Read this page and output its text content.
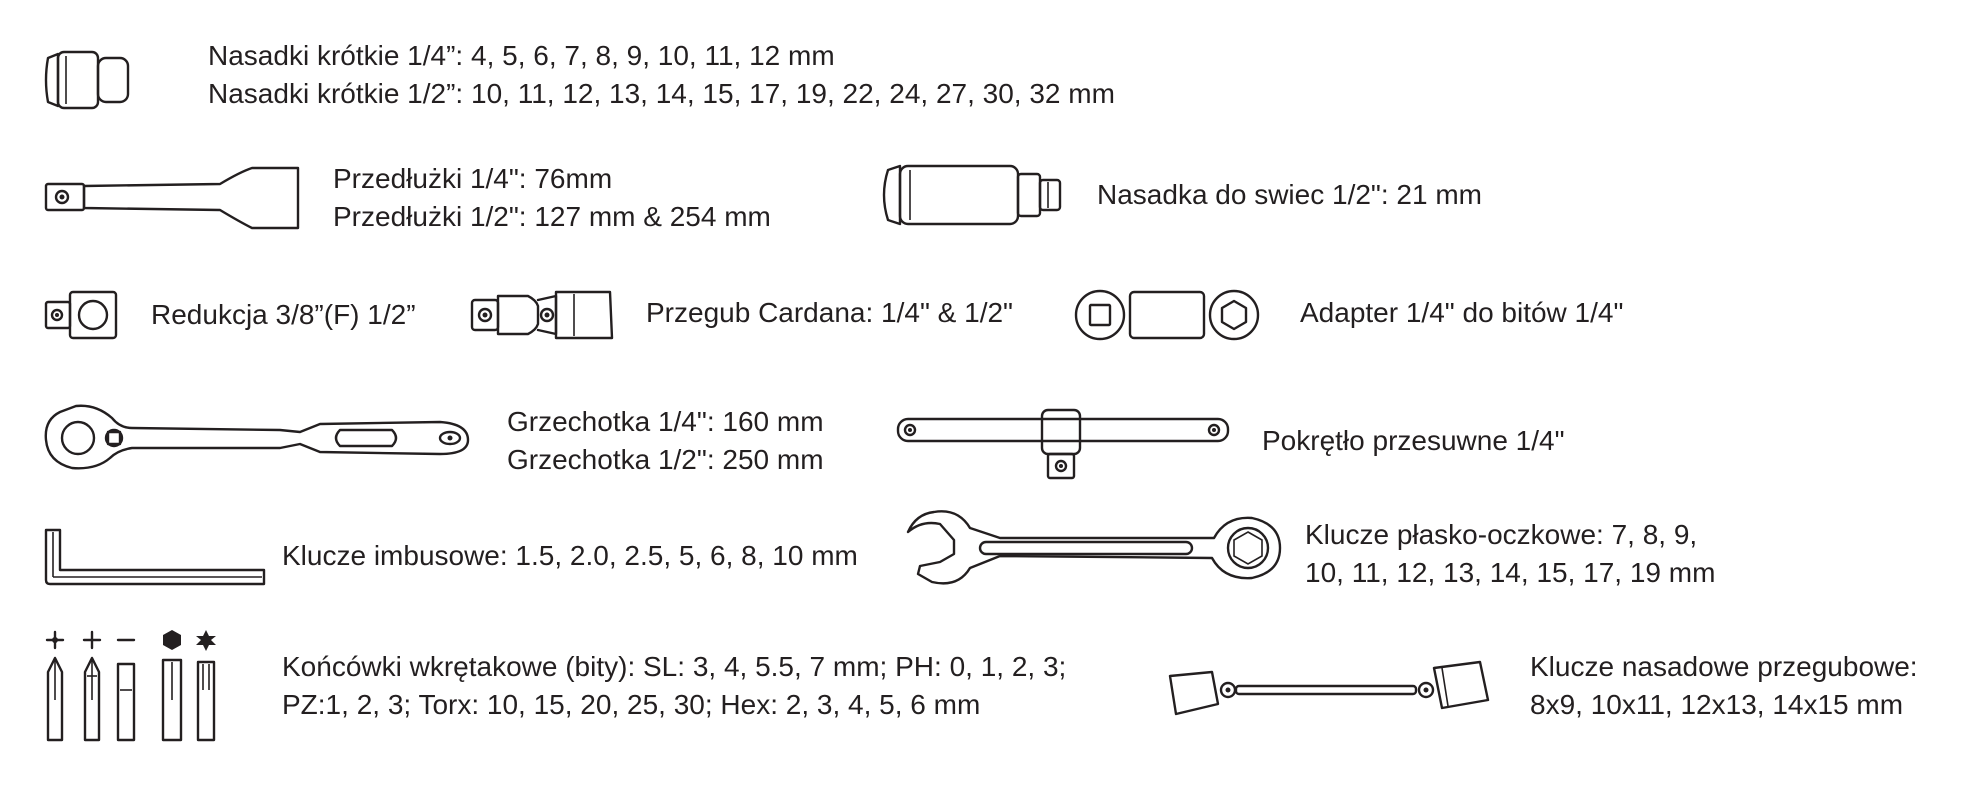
Nasadki krótkie 1/4”: 4, 5, 6, 7, 8, 9, 10, 11, 12 mm
Nasadki krótkie 1/2”: 10, 11, 12, 13, 14, 15, 17, 19, 22, 24, 27, 30, 32 mm
Przedłużki 1/4": 76mm
Przedłużki 1/2": 127 mm & 254 mm
Nasadka do swiec 1/2": 21 mm
Redukcja 3/8”(F) 1/2”	Przegub Cardana: 1/4" & 1/2"	Adapter 1/4" do bitów 1/4"
Grzechotka 1/4": 160 mm
Grzechotka 1/2": 250 mm
Pokrętło przesuwne 1/4"
Klucze imbusowe: 1.5, 2.0, 2.5, 5, 6, 8, 10 mm
Klucze płasko-oczkowe: 7, 8, 9,
10, 11, 12, 13, 14, 15, 17, 19 mm
Końcówki wkrętakowe (bity): SL: 3, 4, 5.5, 7 mm; PH: 0, 1, 2, 3;
PZ:1, 2, 3; Torx: 10, 15, 20, 25, 30; Hex: 2, 3, 4, 5, 6 mm
Klucze nasadowe przegubowe:
8x9, 10x11, 12x13, 14x15 mm
